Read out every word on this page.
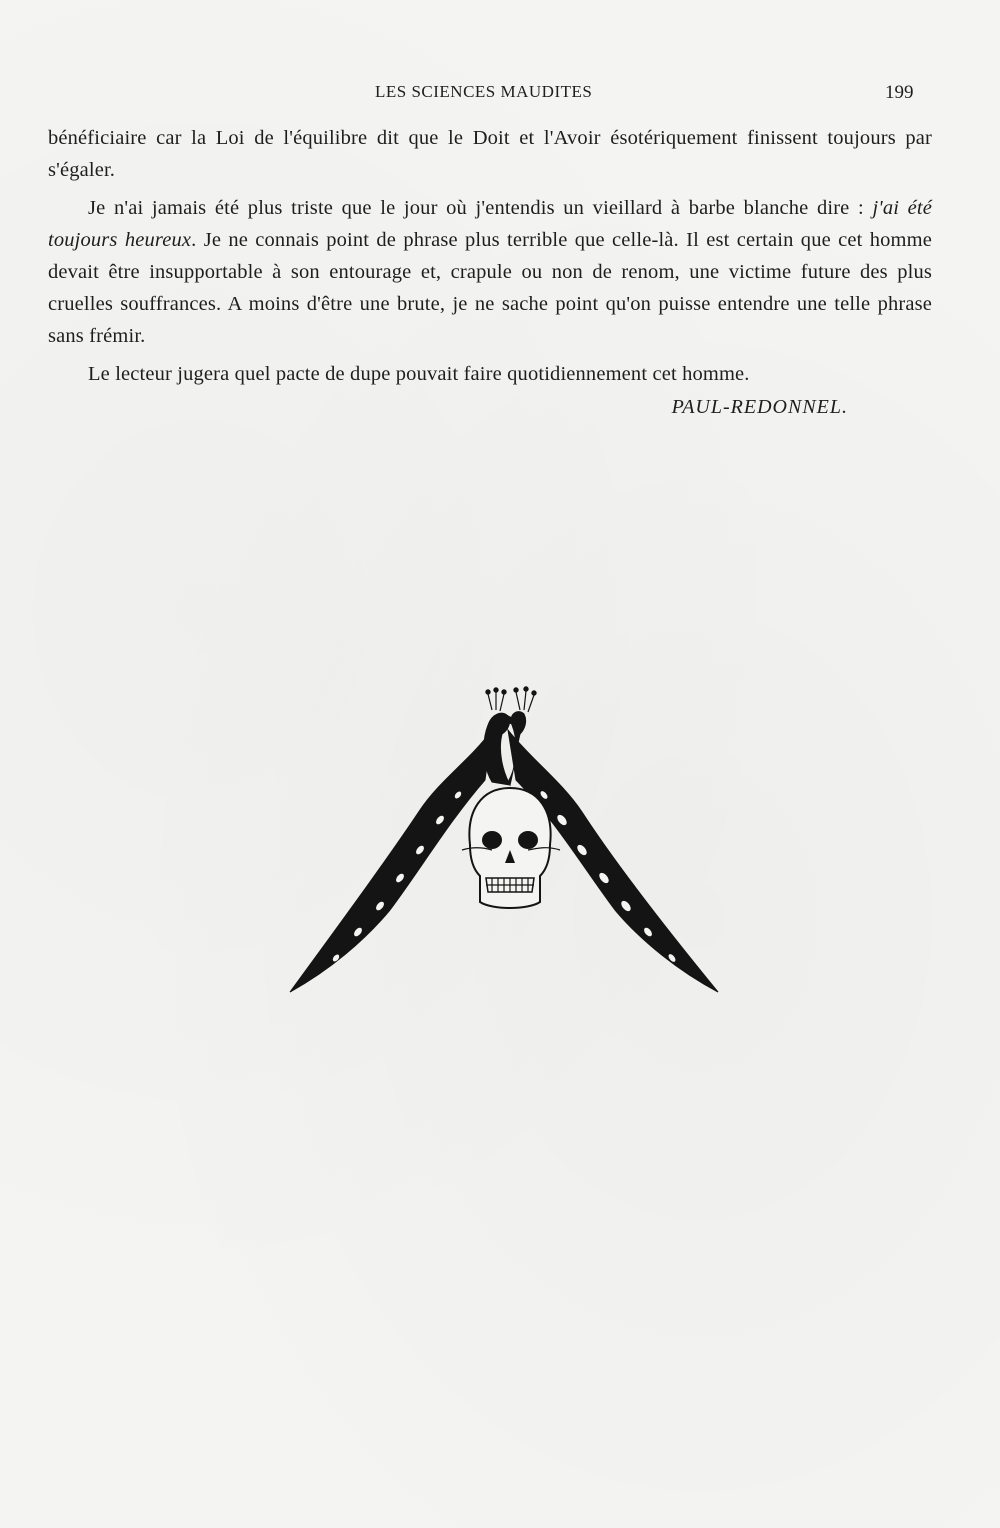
LES SCIENCES MAUDITES	199

bénéficiaire car la Loi de l'équilibre dit que le Doit et l'Avoir ésotériquement finissent toujours par s'égaler.

Je n'ai jamais été plus triste que le jour où j'entendis un vieillard à barbe blanche dire : j'ai été toujours heureux. Je ne connais point de phrase plus terrible que celle-là. Il est certain que cet homme devait être insupportable à son entourage et, crapule ou non de renom, une victime future des plus cruelles souffrances. A moins d'être une brute, je ne sache point qu'on puisse entendre une telle phrase sans frémir.

Le lecteur jugera quel pacte de dupe pouvait faire quotidiennement cet homme.

PAUL-REDONNEL.
